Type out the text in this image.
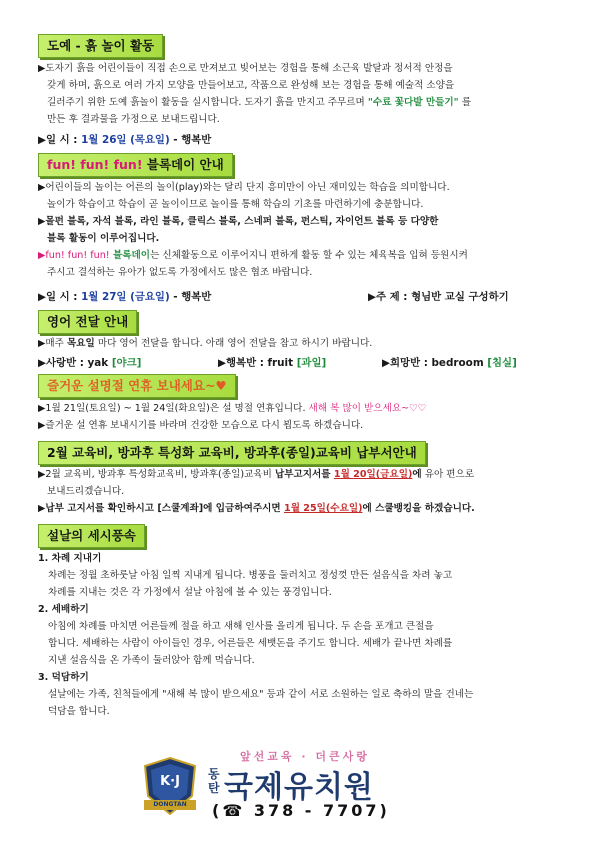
도예 - 흙 놀이 활동
▶도자기 흙을 어린이들이 직접 손으로 만져보고 빚어보는 경험을 통해 소근육 발달과 정서적 안정을
갖게 하며, 흙으로 여러 가지 모양을 만들어보고, 작품으로 완성해 보는 경험을 통해 예술적 소양을
길러주기 위한 도예 흙놀이 활동을 실시합니다. 도자기 흙을 만지고 주무르며 "수료 꽃다발 만들기" 를
만든 후 결과물을 가정으로 보내드립니다.
▶일 시 : 1월 26일 (목요일) - 행복반
fun! fun! fun! 블록데이 안내
▶어린이들의 놀이는 어른의 놀이(play)와는 달리 단지 흥미만이 아닌 재미있는 학습을 의미합니다.
놀이가 학습이고 학습이 곧 놀이이므로 놀이를 통해 학습의 기초를 마련하기에 충분합니다.
▶몰펀 블록, 자석 블록, 라인 블록, 클릭스 블록, 스네퍼 블록, 펀스틱, 자이언트 블록 등 다양한
블록 활동이 이루어집니다.
▶fun! fun! fun! 블록데이는 신체활동으로 이루어지니 편하게 활동 할 수 있는 체육복을 입혀 등원시켜
주시고 결석하는 유아가 없도록 가정에서도 많은 협조 바랍니다.
▶일 시 : 1월 27일 (금요일) - 행복반	▶주 제 : 형님반 교실 구성하기
영어 전달 안내
▶매주 목요일 마다 영어 전달을 합니다. 아래 영어 전달을 참고 하시기 바랍니다.
▶사랑반 : yak [야크]	▶행복반 : fruit [과일]	▶희망반 : bedroom [침실]
즐거운 설명절 연휴 보내세요~♥
▶1월 21일(토요일) ~ 1월 24일(화요일)은 설 명절 연휴입니다. 새해 복 많이 받으세요~♡♡
▶즐거운 설 연휴 보내시기를 바라며 건강한 모습으로 다시 뵙도록 하겠습니다.
2월 교육비, 방과후 특성화 교육비, 방과후(종일)교육비 납부서안내
▶2월 교육비, 방과후 특성화교육비, 방과후(종일)교육비 납부고지서를 1월 20일(금요일)에 유아 편으로
보내드리겠습니다.
▶납부 고지서를 확인하시고 [스쿨계좌]에 입금하여주시면 1월 25일(수요일)에 스쿨뱅킹을 하겠습니다.
설날의 세시풍속
1. 차례 지내기
차례는 정월 초하룻날 아침 일찍 지내게 됩니다. 병풍을 둘러치고 정성껏 만든 설음식을 차려 놓고
차례를 지내는 것은 각 가정에서 설날 아침에 볼 수 있는 풍경입니다.
2. 세배하기
아침에 차례를 마치면 어른들께 절을 하고 새해 인사를 올리게 됩니다. 두 손을 포개고 큰절을
합니다. 세배하는 사람이 아이들인 경우, 어른들은 세뱃돈을 주기도 합니다. 세배가 끝나면 차례를
지낸 설음식을 온 가족이 둘러앉아 함께 먹습니다.
3. 덕담하기
설날에는 가족, 친척들에게 "새해 복 많이 받으세요" 등과 같이 서로 소원하는 일로 축하의 말을 건네는
덕담을 합니다.
K·J
DONGTAN
앞선교육 · 더큰사랑
동
탄 국제유치원
(☎ 378 - 7707)
